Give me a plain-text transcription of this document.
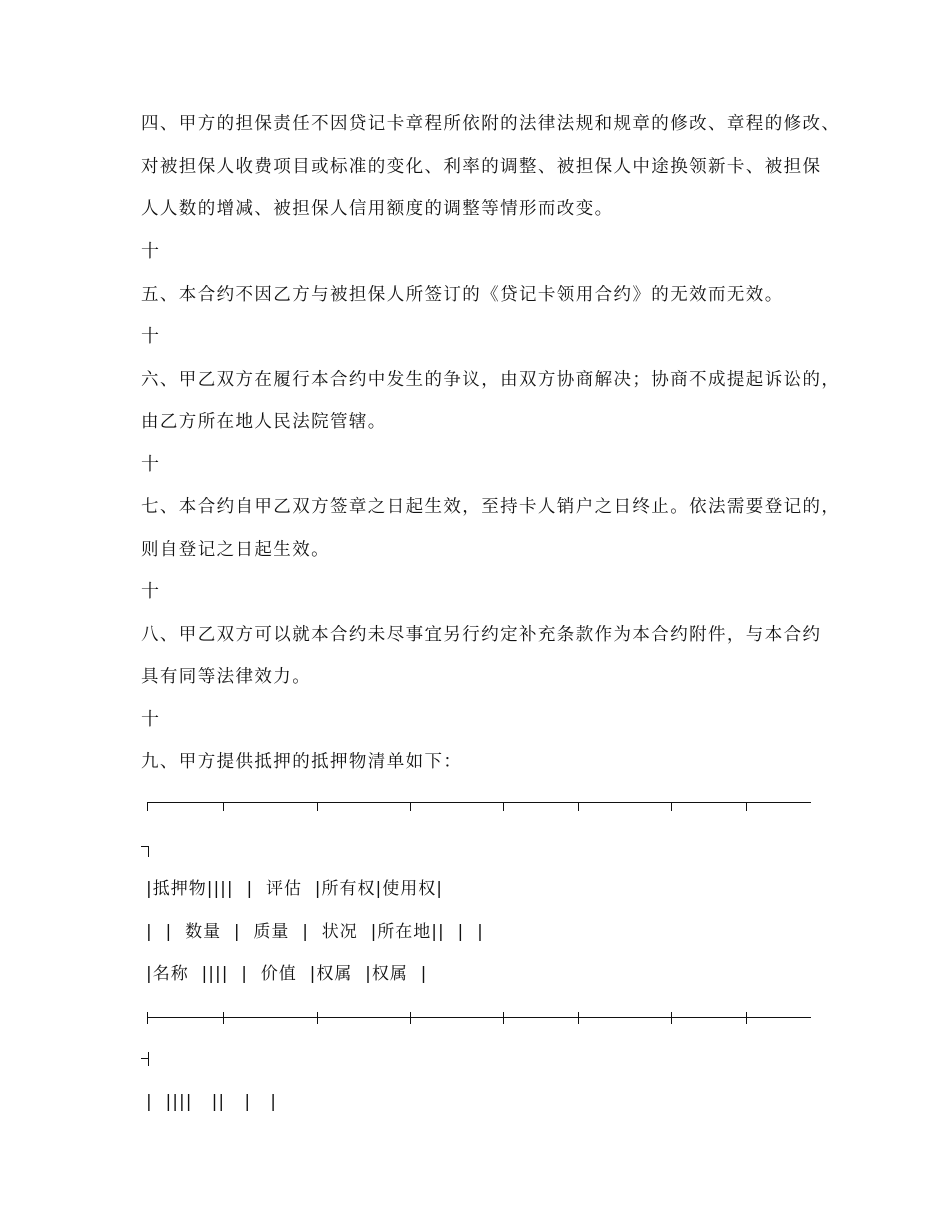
四、甲方的担保责任不因贷记卡章程所依附的法律法规和规章的修改、章程的修改、
对被担保人收费项目或标准的变化、利率的调整、被担保人中途换领新卡、被担保
人人数的增减、被担保人信用额度的调整等情形而改变。
十
五、本合约不因乙方与被担保人所签订的《贷记卡领用合约》的无效而无效。
十
六、甲乙双方在履行本合约中发生的争议，由双方协商解决；协商不成提起诉讼的，
由乙方所在地人民法院管辖。
十
七、本合约自甲乙双方签章之日起生效，至持卡人销户之日终止。依法需要登记的，
则自登记之日起生效。
十
八、甲乙双方可以就本合约未尽事宜另行约定补充条款作为本合约附件，与本合约
具有同等法律效力。
十
九、甲方提供抵押的抵押物清单如下：
|抵押物||||  |  评估  |所有权|使用权|
|  |  数量  |  质量  |  状况  |所在地||  |  |
|名称  ||||  |  价值  |权属  |权属  |
|  ||||   ||   |   |
